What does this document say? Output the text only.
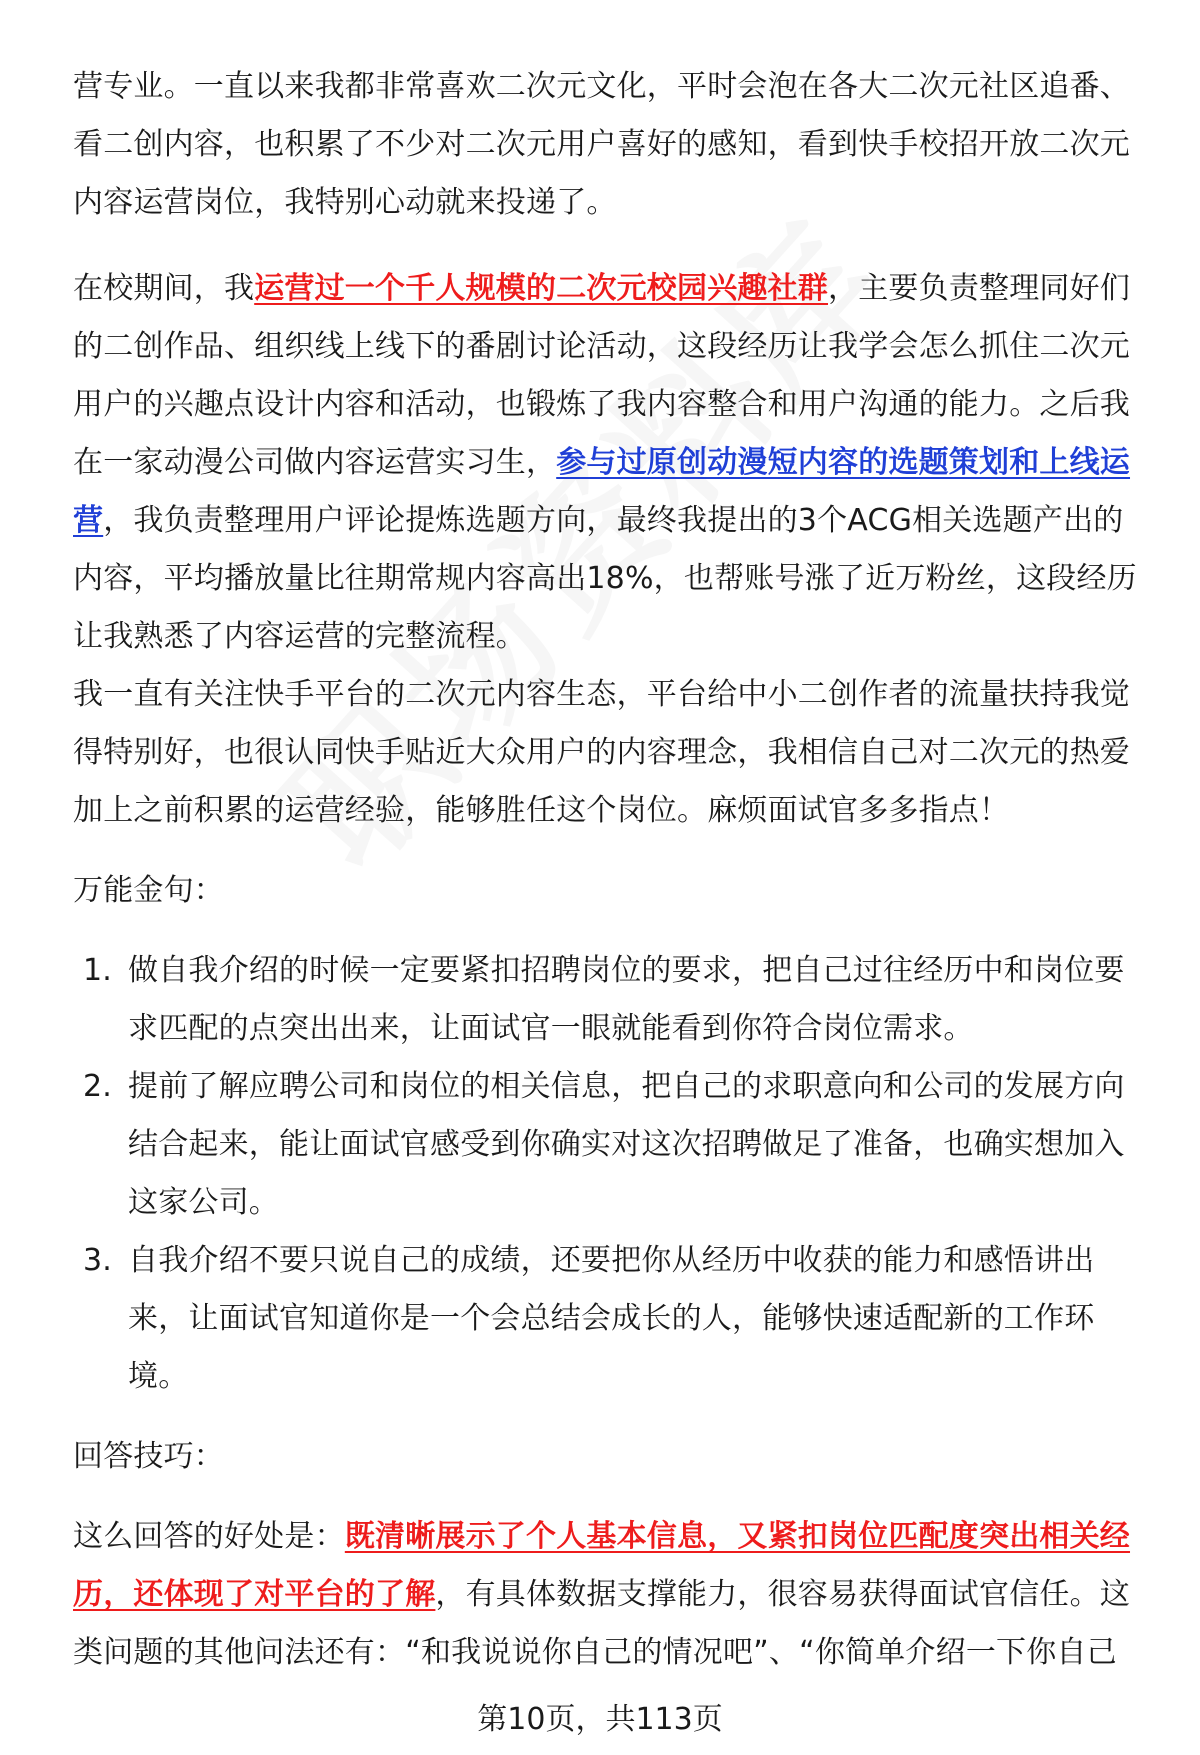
营专业。一直以来我都非常喜欢二次元文化，平时会泡在各大二次元社区追番、看二创内容，也积累了不少对二次元用户喜好的感知，看到快手校招开放二次元内容运营岗位，我特别心动就来投递了。

在校期间，我运营过一个千人规模的二次元校园兴趣社群，主要负责整理同好们的二创作品、组织线上线下的番剧讨论活动，这段经历让我学会怎么抓住二次元用户的兴趣点设计内容和活动，也锻炼了我内容整合和用户沟通的能力。之后我在一家动漫公司做内容运营实习生，参与过原创动漫短内容的选题策划和上线运营，我负责整理用户评论提炼选题方向，最终我提出的3个ACG相关选题产出的内容，平均播放量比往期常规内容高出18%，也帮账号涨了近万粉丝，这段经历让我熟悉了内容运营的完整流程。

我一直有关注快手平台的二次元内容生态，平台给中小二创作者的流量扶持我觉得特别好，也很认同快手贴近大众用户的内容理念，我相信自己对二次元的热爱加上之前积累的运营经验，能够胜任这个岗位。麻烦面试官多多指点！

万能金句：

1. 做自我介绍的时候一定要紧扣招聘岗位的要求，把自己过往经历中和岗位要求匹配的点突出出来，让面试官一眼就能看到你符合岗位需求。
2. 提前了解应聘公司和岗位的相关信息，把自己的求职意向和公司的发展方向结合起来，能让面试官感受到你确实对这次招聘做足了准备，也确实想加入这家公司。
3. 自我介绍不要只说自己的成绩，还要把你从经历中收获的能力和感悟讲出来，让面试官知道你是一个会总结会成长的人，能够快速适配新的工作环境。

回答技巧：

这么回答的好处是：既清晰展示了个人基本信息，又紧扣岗位匹配度突出相关经历，还体现了对平台的了解，有具体数据支撑能力，很容易获得面试官信任。这类问题的其他问法还有：“和我说说你自己的情况吧”、“你简单介绍一下你自己

第10页，共113页
